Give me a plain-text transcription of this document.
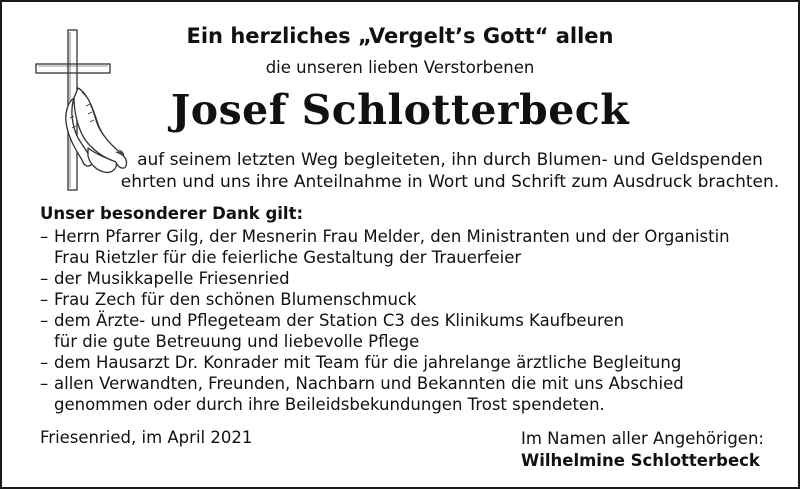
Ein herzliches „Vergelt’s Gott“ allen
die unseren lieben Verstorbenen
Josef Schlotterbeck
auf seinem letzten Weg begleiteten, ihn durch Blumen- und Geldspenden
ehrten und uns ihre Anteilnahme in Wort und Schrift zum Ausdruck brachten.
Unser besonderer Dank gilt:
– Herrn Pfarrer Gilg, der Mesnerin Frau Melder, den Ministranten und der Organistin
Frau Rietzler für die feierliche Gestaltung der Trauerfeier
– der Musikkapelle Friesenried
– Frau Zech für den schönen Blumenschmuck
– dem Ärzte- und Pflegeteam der Station C3 des Klinikums Kaufbeuren
für die gute Betreuung und liebevolle Pflege
– dem Hausarzt Dr. Konrader mit Team für die jahrelange ärztliche Begleitung
– allen Verwandten, Freunden, Nachbarn und Bekannten die mit uns Abschied
genommen oder durch ihre Beileidsbekundungen Trost spendeten.
Friesenried, im April 2021	Im Namen aller Angehörigen:
Wilhelmine Schlotterbeck
